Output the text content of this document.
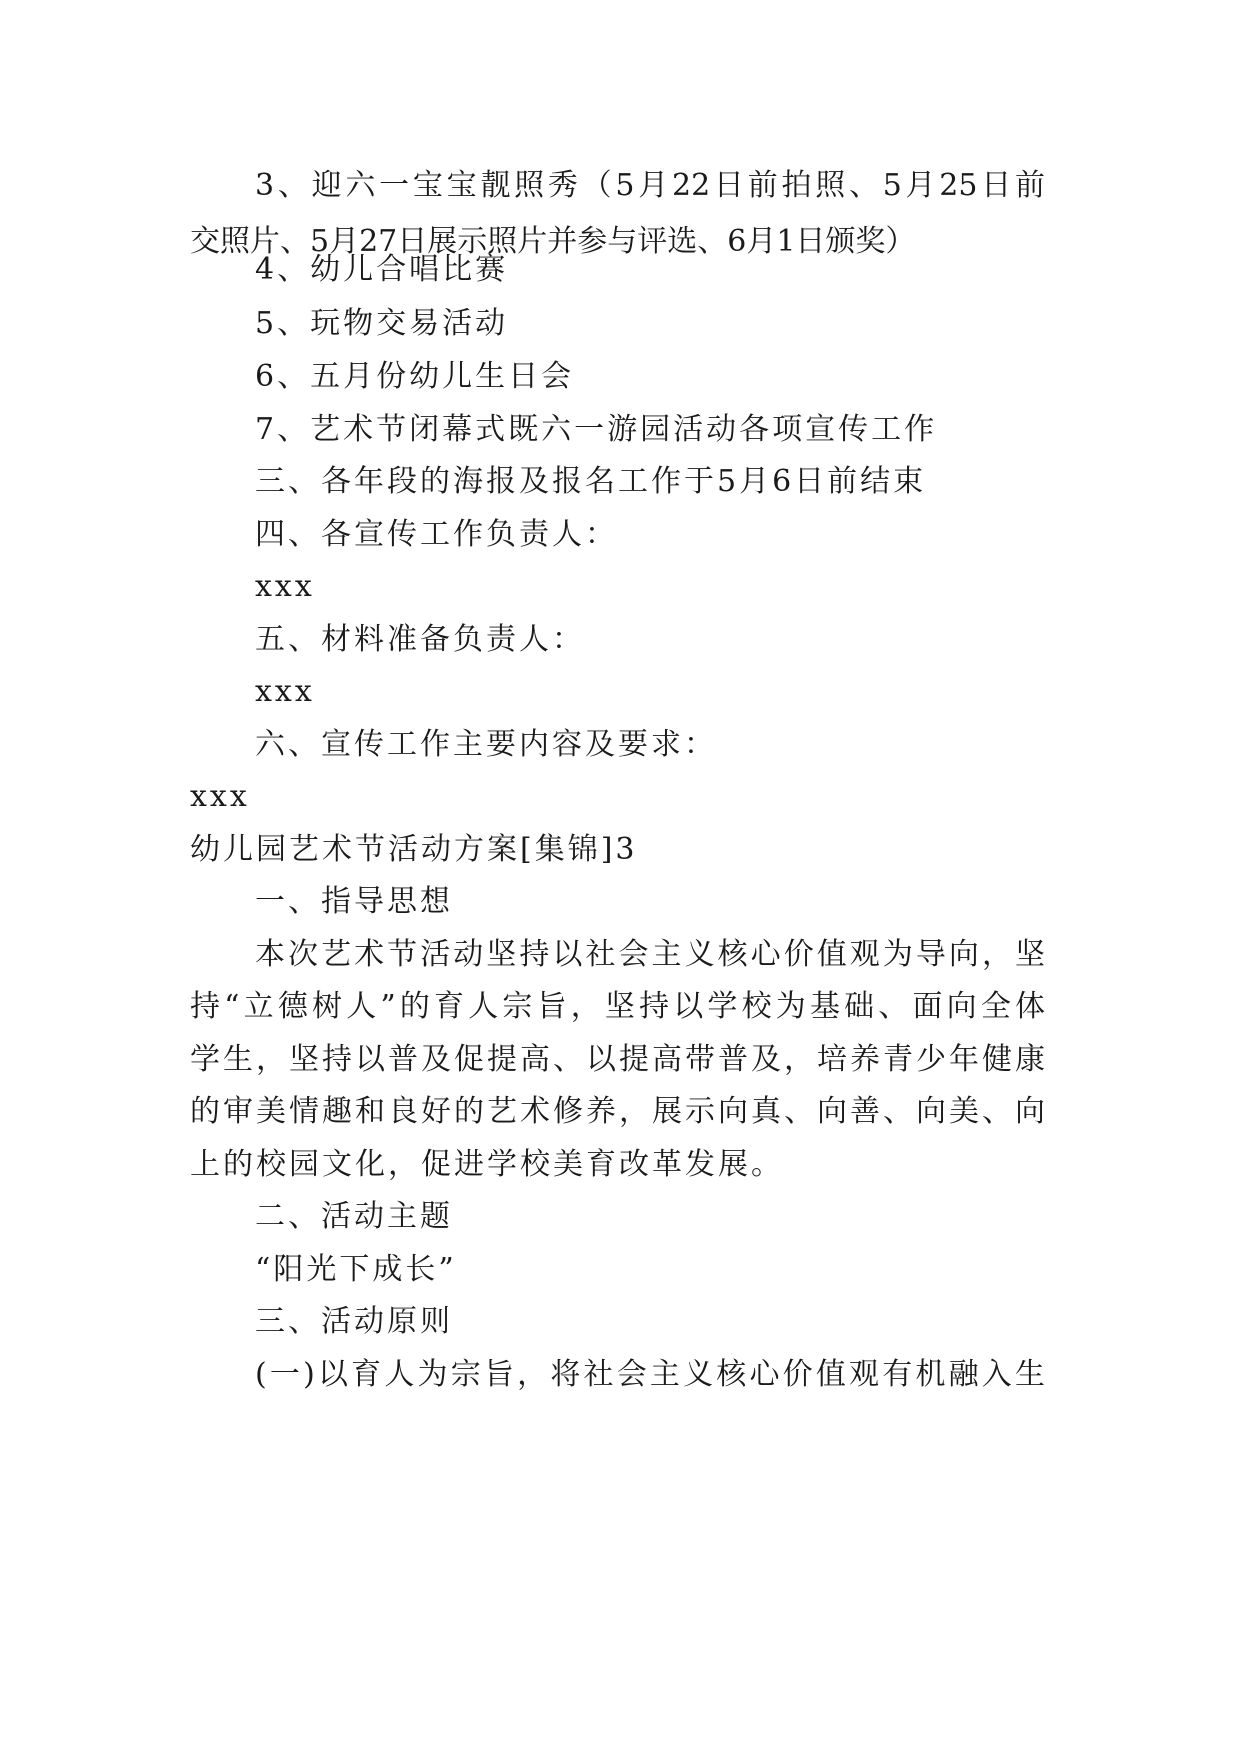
3、迎六一宝宝靓照秀（5月22日前拍照、5月25日前
交照片、5月27日展示照片并参与评选、6月1日颁奖）
4、幼儿合唱比赛
5、玩物交易活动
6、五月份幼儿生日会
7、艺术节闭幕式既六一游园活动各项宣传工作
三、各年段的海报及报名工作于5月6日前结束
四、各宣传工作负责人：
xxx
五、材料准备负责人：
xxx
六、宣传工作主要内容及要求：
xxx
幼儿园艺术节活动方案[集锦]3
一、指导思想
本次艺术节活动坚持以社会主义核心价值观为导向，坚
持“立德树人”的育人宗旨，坚持以学校为基础、面向全体
学生，坚持以普及促提高、以提高带普及，培养青少年健康
的审美情趣和良好的艺术修养，展示向真、向善、向美、向
上的校园文化，促进学校美育改革发展。
二、活动主题
“阳光下成长”
三、活动原则
(一)以育人为宗旨，将社会主义核心价值观有机融入生
